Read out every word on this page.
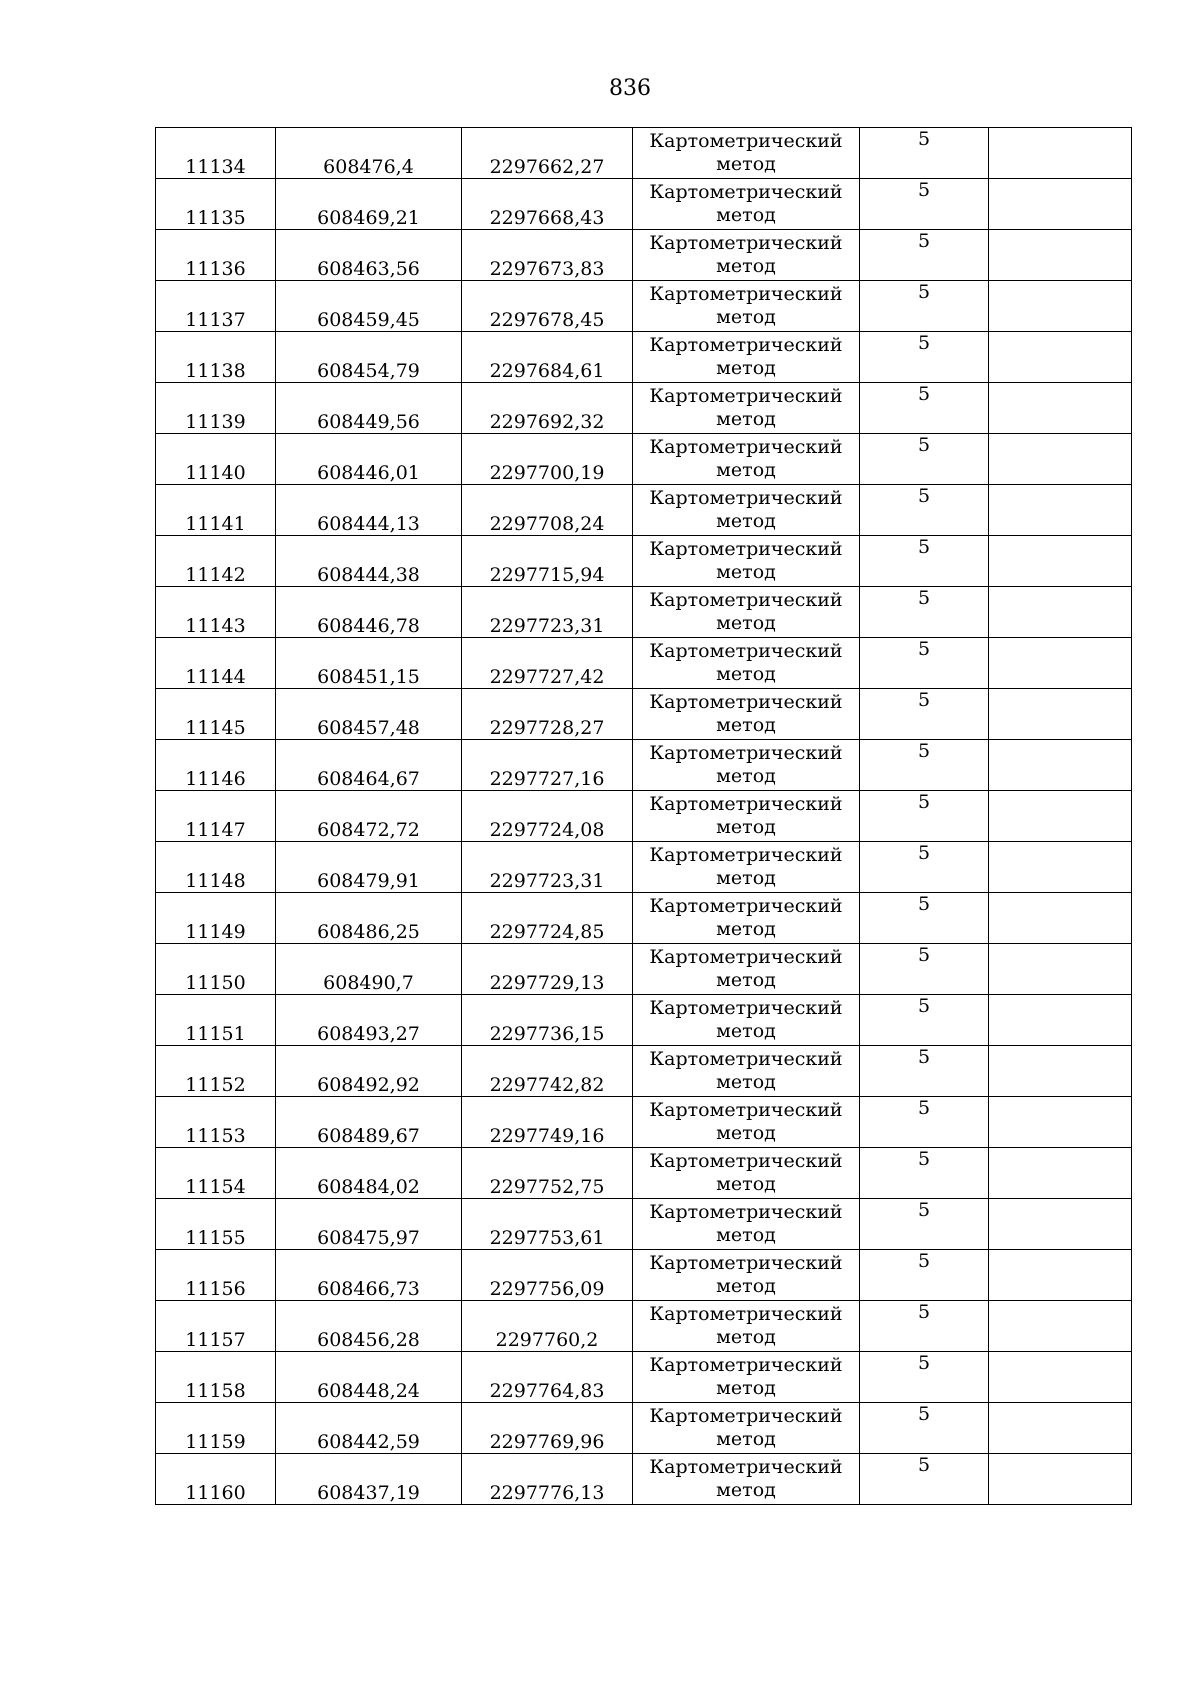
836
11134	608476,4	2297662,27	Картометрический
метод	5	

11135	608469,21	2297668,43	Картометрический
метод	5	

11136	608463,56	2297673,83	Картометрический
метод	5	

11137	608459,45	2297678,45	Картометрический
метод	5	

11138	608454,79	2297684,61	Картометрический
метод	5	

11139	608449,56	2297692,32	Картометрический
метод	5	

11140	608446,01	2297700,19	Картометрический
метод	5	

11141	608444,13	2297708,24	Картометрический
метод	5	

11142	608444,38	2297715,94	Картометрический
метод	5	

11143	608446,78	2297723,31	Картометрический
метод	5	

11144	608451,15	2297727,42	Картометрический
метод	5	

11145	608457,48	2297728,27	Картометрический
метод	5	

11146	608464,67	2297727,16	Картометрический
метод	5	

11147	608472,72	2297724,08	Картометрический
метод	5	

11148	608479,91	2297723,31	Картометрический
метод	5	

11149	608486,25	2297724,85	Картометрический
метод	5	

11150	608490,7	2297729,13	Картометрический
метод	5	

11151	608493,27	2297736,15	Картометрический
метод	5	

11152	608492,92	2297742,82	Картометрический
метод	5	

11153	608489,67	2297749,16	Картометрический
метод	5	

11154	608484,02	2297752,75	Картометрический
метод	5	

11155	608475,97	2297753,61	Картометрический
метод	5	

11156	608466,73	2297756,09	Картометрический
метод	5	

11157	608456,28	2297760,2	Картометрический
метод	5	

11158	608448,24	2297764,83	Картометрический
метод	5	

11159	608442,59	2297769,96	Картометрический
метод	5	

11160	608437,19	2297776,13	Картометрический
метод	5	
